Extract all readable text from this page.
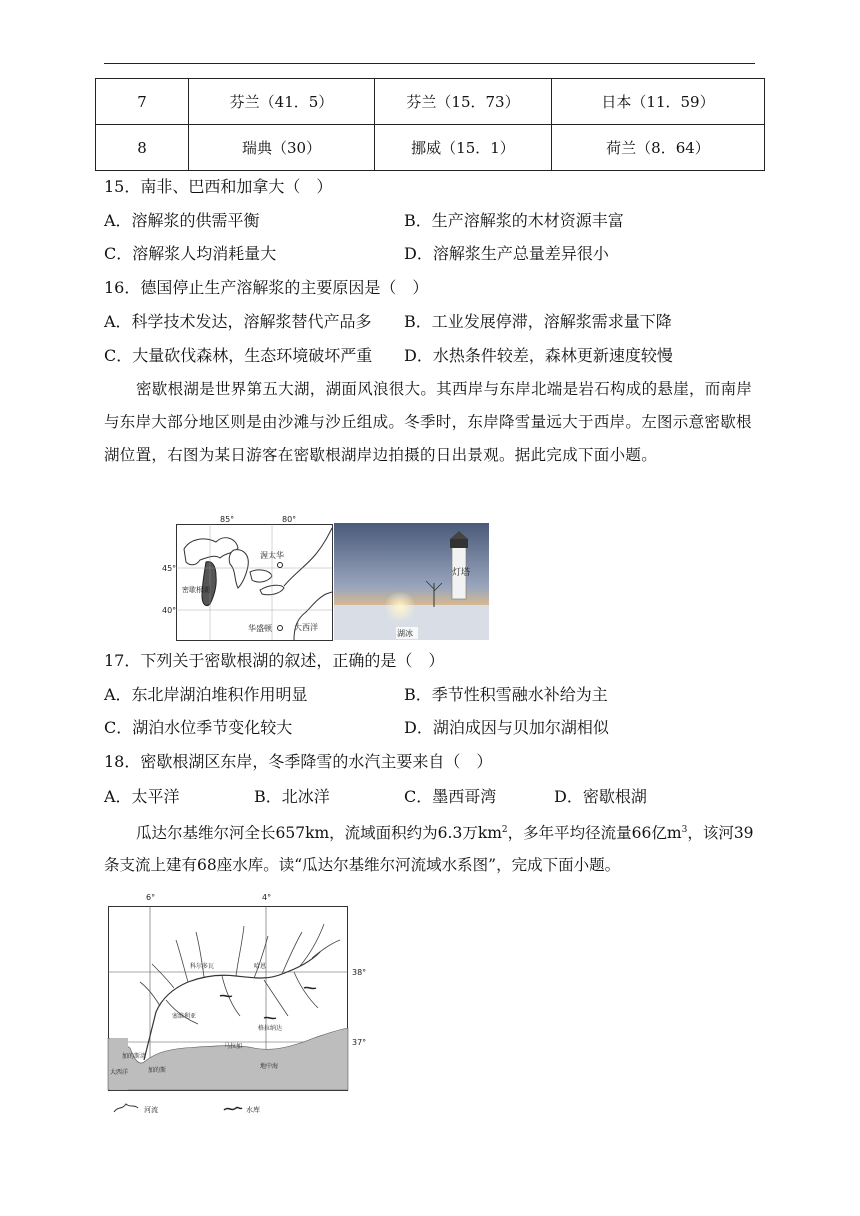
7	芬兰（41．5）	芬兰（15．73）	日本（11．59）
8	瑞典（30）	挪威（15．1）	荷兰（8．64）
15．南非、巴西和加拿大（　）
A．溶解浆的供需平衡	B．生产溶解浆的木材资源丰富
C．溶解浆人均消耗量大	D．溶解浆生产总量差异很小
16．德国停止生产溶解浆的主要原因是（　）
A．科学技术发达，溶解浆替代产品多 B．工业发展停滞，溶解浆需求量下降
C．大量砍伐森林，生态环境破坏严重 D．水热条件较差，森林更新速度较慢
密歇根湖是世界第五大湖，湖面风浪很大。其西岸与东岸北端是岩石构成的悬崖，而南岸与东岸大部分地区则是由沙滩与沙丘组成。冬季时，东岸降雪量远大于西岸。左图示意密歇根湖位置，右图为某日游客在密歇根湖岸边拍摄的日出景观。据此完成下面小题。
85°	80°
45°
40°
渥太华
密歇根湖
华盛顿	大西洋
灯塔
湖冰
17．下列关于密歇根湖的叙述，正确的是（　）
A．东北岸湖泊堆积作用明显	B．季节性积雪融水补给为主
C．湖泊水位季节变化较大	D．湖泊成因与贝加尔湖相似
18．密歇根湖区东岸，冬季降雪的水汽主要来自（　）
A．太平洋	B．北冰洋	C．墨西哥湾	D．密歇根湖
瓜达尔基维尔河全长657km，流域面积约为6.3万$km^2$，多年平均径流量66亿$m^3$，该河39条支流上建有68座水库。读“瓜达尔基维尔河流域水系图”，完成下面小题。
6°	4°
38°
37°
科尔多瓦
塞维利亚
格拉纳达
马拉加
加的斯
加的斯湾
大西洋
地中海
哈恩
河流	水库
